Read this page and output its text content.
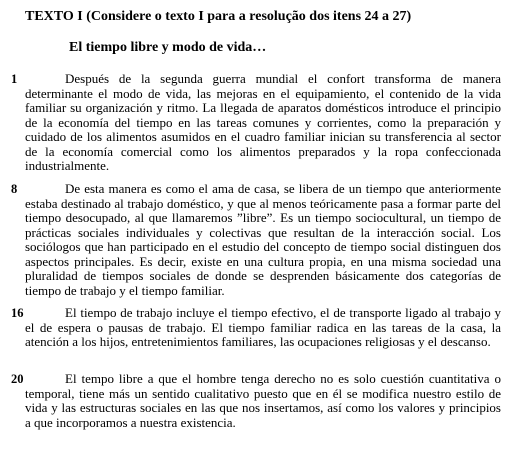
TEXTO I (Considere o texto I para a resolução dos itens 24 a 27)
El tiempo libre y modo de vida…
1	Después de la segunda guerra mundial el confort transforma de manera determinante el modo de vida, las mejoras en el equipamiento, el contenido de la vida familiar su organización y ritmo. La llegada de aparatos domésticos introduce el principio de la economía del tiempo en las tareas comunes y corrientes, como la preparación y cuidado de los alimentos asumidos en el cuadro familiar inician su transferencia al sector de la economía comercial como los alimentos preparados y la ropa confeccionada industrialmente.
8	De esta manera es como el ama de casa, se libera de un tiempo que anteriormente estaba destinado al trabajo doméstico, y que al menos teóricamente pasa a formar parte del tiempo desocupado, al que llamaremos ”libre”. Es un tiempo sociocultural, un tiempo de prácticas sociales individuales y colectivas que resultan de la interacción social. Los sociólogos que han participado en el estudio del concepto de tiempo social distinguen dos aspectos principales. Es decir, existe en una cultura propia, en una misma sociedad una pluralidad de tiempos sociales de donde se desprenden básicamente dos categorías de tiempo de trabajo y el tiempo familiar.
16	El tiempo de trabajo incluye el tiempo efectivo, el de transporte ligado al trabajo y el de espera o pausas de trabajo. El tiempo familiar radica en las tareas de la casa, la atención a los hijos, entretenimientos familiares, las ocupaciones religiosas y el descanso.
20	El tempo libre a que el hombre tenga derecho no es solo cuestión cuantitativa o temporal, tiene más un sentido cualitativo puesto que en él se modifica nuestro estilo de vida y las estructuras sociales en las que nos insertamos, así como los valores y principios a que incorporamos a nuestra existencia.
